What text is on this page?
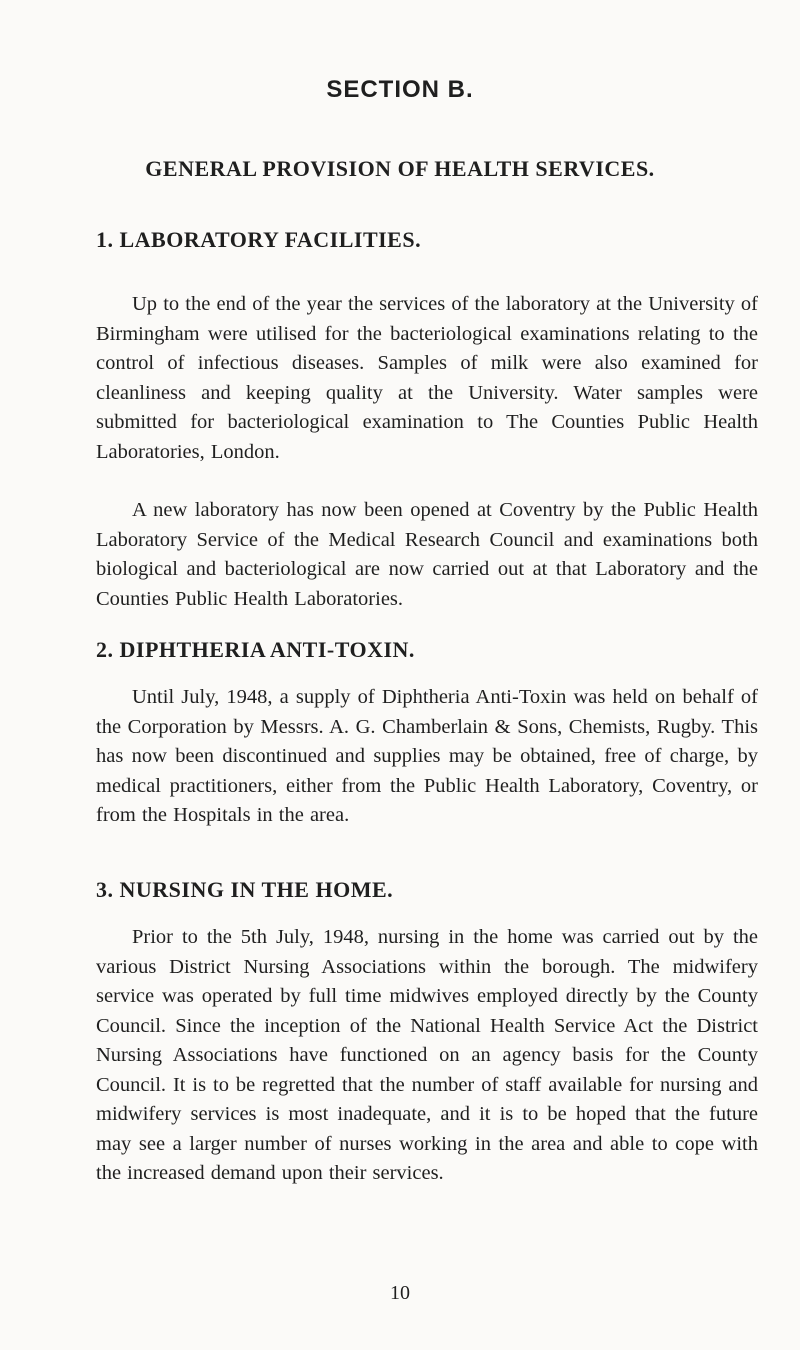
SECTION B.
GENERAL PROVISION OF HEALTH SERVICES.
1. LABORATORY FACILITIES.

Up to the end of the year the services of the laboratory at the University of Birmingham were utilised for the bacteriological examinations relating to the control of infectious diseases. Samples of milk were also examined for cleanliness and keeping quality at the University. Water samples were submitted for bacteriological examination to The Counties Public Health Laboratories, London.

A new laboratory has now been opened at Coventry by the Public Health Laboratory Service of the Medical Research Council and examinations both biological and bacteriological are now carried out at that Laboratory and the Counties Public Health Laboratories.

2. DIPHTHERIA ANTI-TOXIN.

Until July, 1948, a supply of Diphtheria Anti-Toxin was held on behalf of the Corporation by Messrs. A. G. Chamberlain & Sons, Chemists, Rugby. This has now been discontinued and supplies may be obtained, free of charge, by medical practitioners, either from the Public Health Laboratory, Coventry, or from the Hospitals in the area.

3. NURSING IN THE HOME.

Prior to the 5th July, 1948, nursing in the home was carried out by the various District Nursing Associations within the borough. The midwifery service was operated by full time midwives employed directly by the County Council. Since the inception of the National Health Service Act the District Nursing Associations have functioned on an agency basis for the County Council. It is to be regretted that the number of staff available for nursing and midwifery services is most inadequate, and it is to be hoped that the future may see a larger number of nurses working in the area and able to cope with the increased demand upon their services.

10
